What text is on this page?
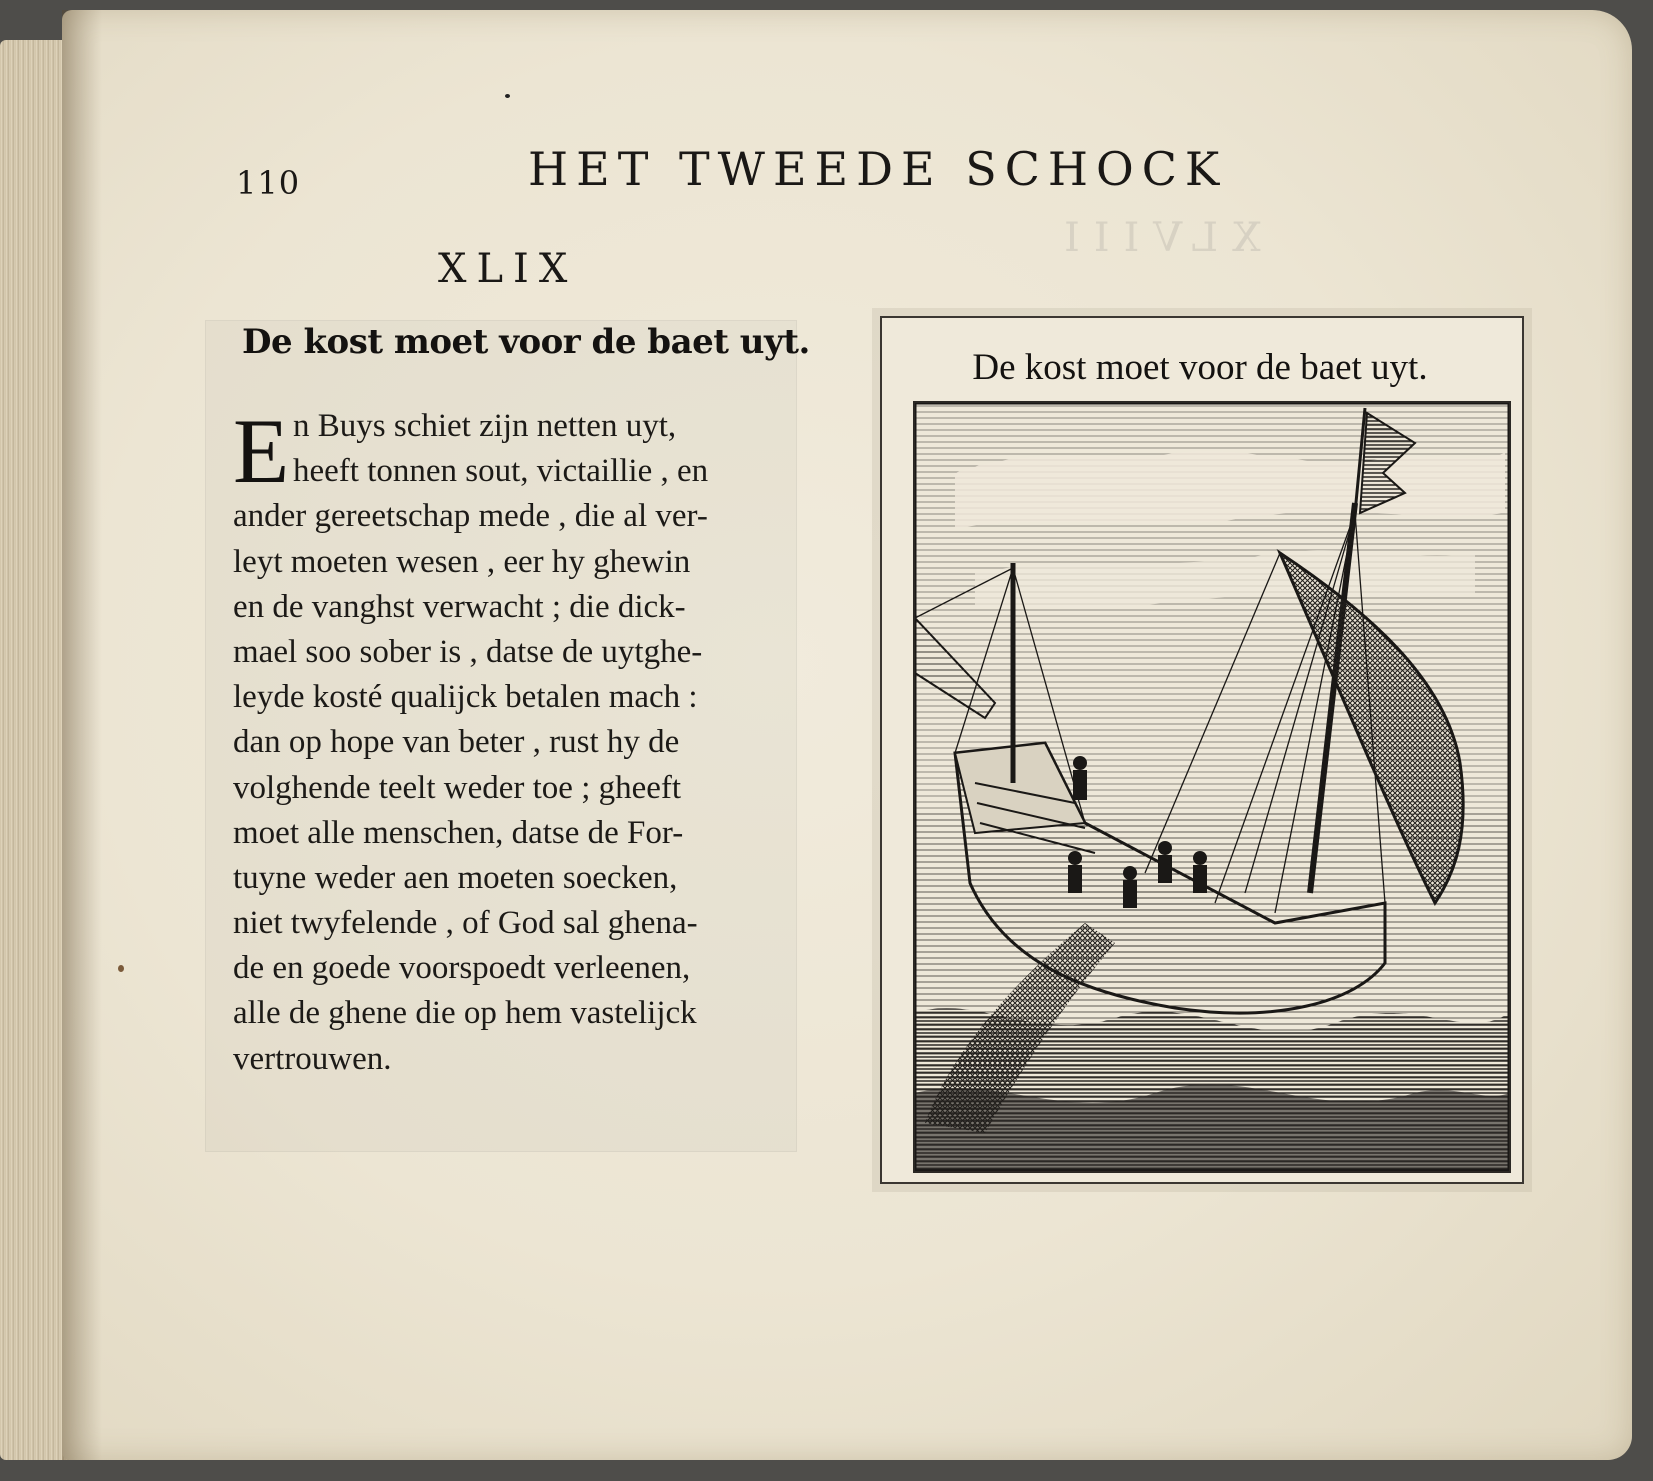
XLVIII
110	HET TWEEDE SCHOCK
XLIX
De kost moet voor de baet uyt.
E n Buys schiet zijn netten uyt,
heeft tonnen sout, victaillie , en
ander gereetschap mede , die al ver-
leyt moeten wesen , eer hy ghewin
en de vanghst verwacht ; die dick-
mael soo sober is , datse de uytghe-
leyde kosté qualijck betalen mach :
dan op hope van beter , rust hy de
volghende teelt weder toe ; gheeft
moet alle menschen, datse de For-
tuyne weder aen moeten soecken,
niet twyfelende , of God sal ghena-
de en goede voorspoedt verleenen,
alle de ghene die op hem vastelijck
vertrouwen.
De kost moet voor de baet uyt.
